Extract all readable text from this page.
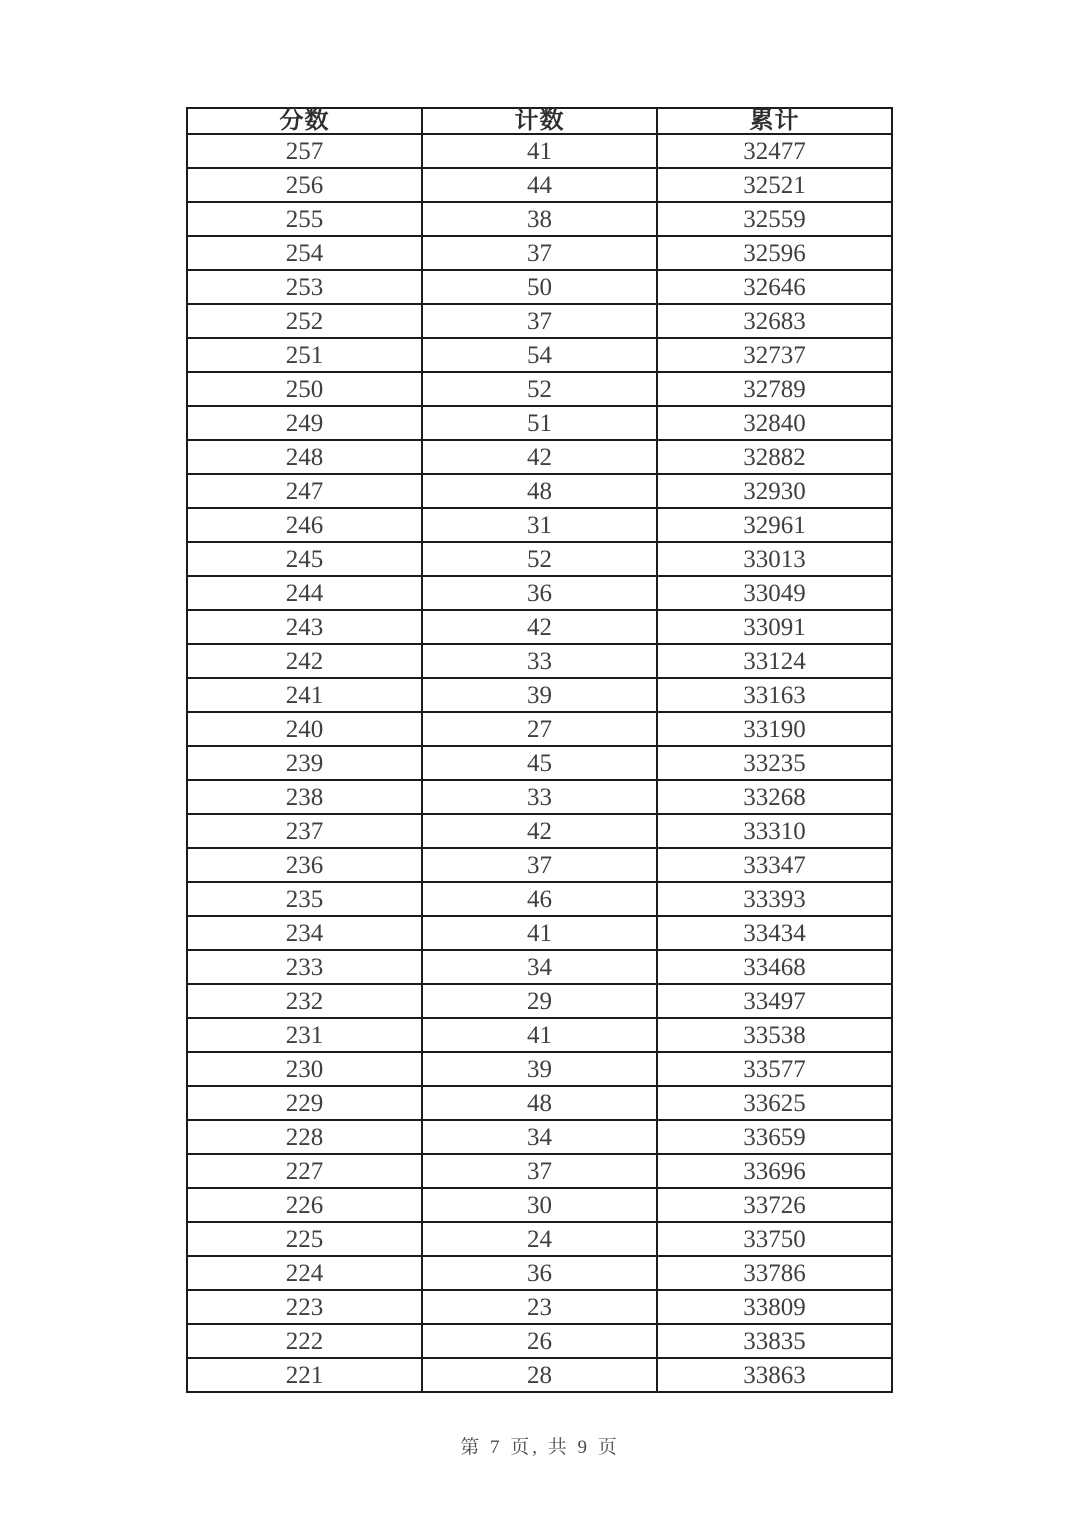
分数	计数	累计
257	41	32477
256	44	32521
255	38	32559
254	37	32596
253	50	32646
252	37	32683
251	54	32737
250	52	32789
249	51	32840
248	42	32882
247	48	32930
246	31	32961
245	52	33013
244	36	33049
243	42	33091
242	33	33124
241	39	33163
240	27	33190
239	45	33235
238	33	33268
237	42	33310
236	37	33347
235	46	33393
234	41	33434
233	34	33468
232	29	33497
231	41	33538
230	39	33577
229	48	33625
228	34	33659
227	37	33696
226	30	33726
225	24	33750
224	36	33786
223	23	33809
222	26	33835
221	28	33863
第 7 页, 共 9 页
